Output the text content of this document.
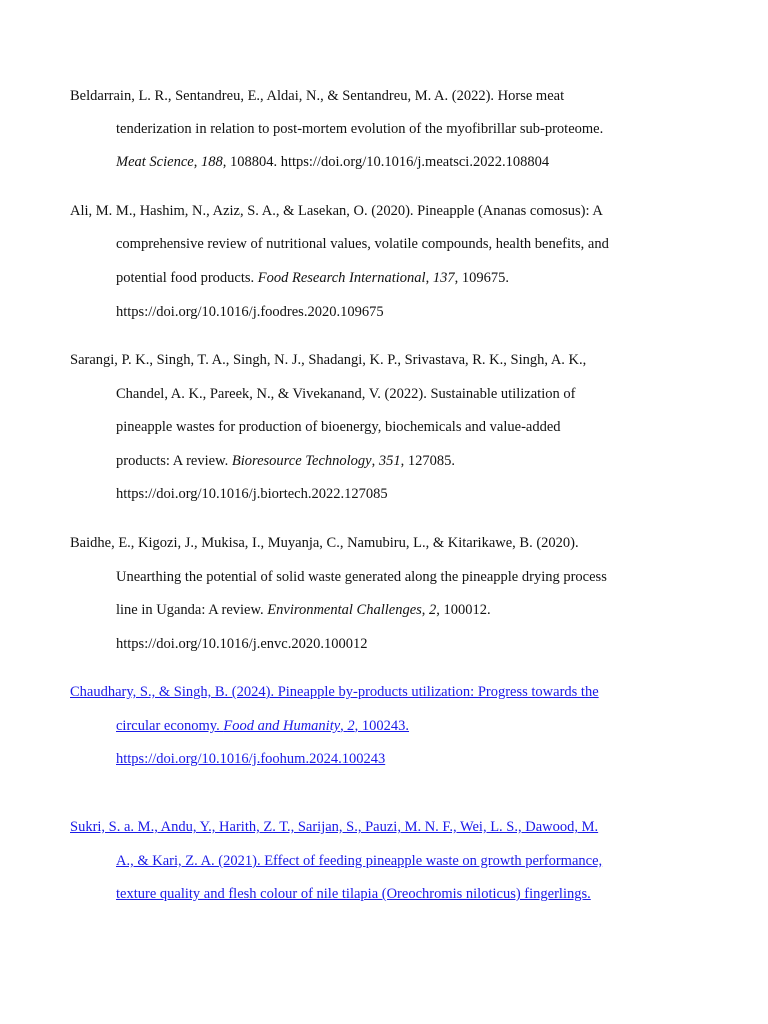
Beldarrain, L. R., Sentandreu, E., Aldai, N., & Sentandreu, M. A. (2022). Horse meat
tenderization in relation to post-mortem evolution of the myofibrillar sub-proteome.
Meat Science, 188, 108804. https://doi.org/10.1016/j.meatsci.2022.108804
Ali, M. M., Hashim, N., Aziz, S. A., & Lasekan, O. (2020). Pineapple (Ananas comosus): A
comprehensive review of nutritional values, volatile compounds, health benefits, and
potential food products. Food Research International, 137, 109675.
https://doi.org/10.1016/j.foodres.2020.109675
Sarangi, P. K., Singh, T. A., Singh, N. J., Shadangi, K. P., Srivastava, R. K., Singh, A. K.,
Chandel, A. K., Pareek, N., & Vivekanand, V. (2022). Sustainable utilization of
pineapple wastes for production of bioenergy, biochemicals and value-added
products: A review. Bioresource Technology, 351, 127085.
https://doi.org/10.1016/j.biortech.2022.127085
Baidhe, E., Kigozi, J., Mukisa, I., Muyanja, C., Namubiru, L., & Kitarikawe, B. (2020).
Unearthing the potential of solid waste generated along the pineapple drying process
line in Uganda: A review. Environmental Challenges, 2, 100012.
https://doi.org/10.1016/j.envc.2020.100012
Chaudhary, S., & Singh, B. (2024). Pineapple by-products utilization: Progress towards the
circular economy. Food and Humanity, 2, 100243.
https://doi.org/10.1016/j.foohum.2024.100243
Sukri, S. a. M., Andu, Y., Harith, Z. T., Sarijan, S., Pauzi, M. N. F., Wei, L. S., Dawood, M.
A., & Kari, Z. A. (2021). Effect of feeding pineapple waste on growth performance,
texture quality and flesh colour of nile tilapia (Oreochromis niloticus) fingerlings.
